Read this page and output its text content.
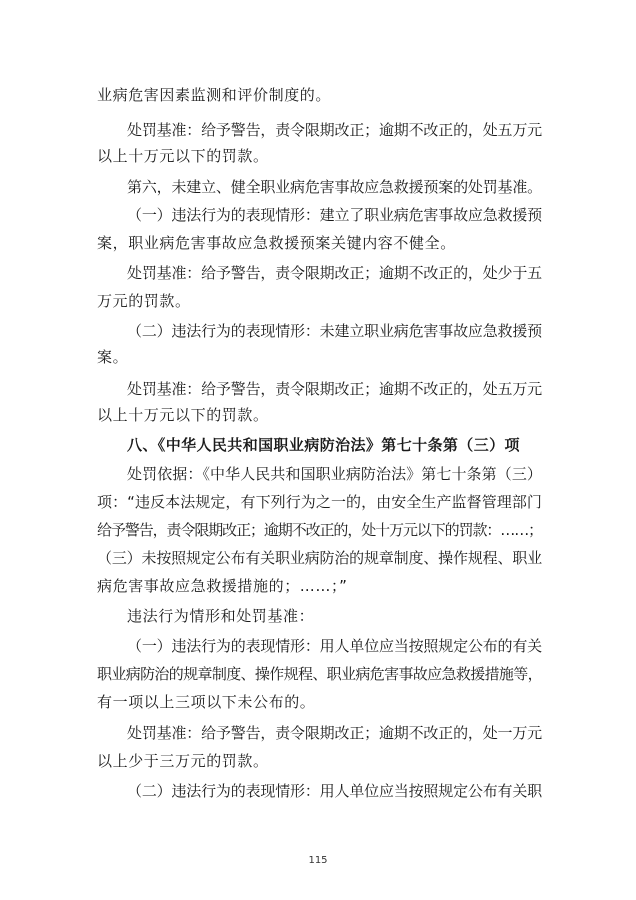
业病危害因素监测和评价制度的。
处罚基准：给予警告，责令限期改正；逾期不改正的，处五万元
以上十万元以下的罚款。
第六，未建立、健全职业病危害事故应急救援预案的处罚基准。
（一）违法行为的表现情形：建立了职业病危害事故应急救援预
案，职业病危害事故应急救援预案关键内容不健全。
处罚基准：给予警告，责令限期改正；逾期不改正的，处少于五
万元的罚款。
（二）违法行为的表现情形：未建立职业病危害事故应急救援预
案。
处罚基准：给予警告，责令限期改正；逾期不改正的，处五万元
以上十万元以下的罚款。
八、《中华人民共和国职业病防治法》第七十条第（三）项
处罚依据：《中华人民共和国职业病防治法》第七十条第（三）
项：“违反本法规定，有下列行为之一的，由安全生产监督管理部门
给予警告，责令限期改正；逾期不改正的，处十万元以下的罚款：……；
（三）未按照规定公布有关职业病防治的规章制度、操作规程、职业
病危害事故应急救援措施的；……；”
违法行为情形和处罚基准：
（一）违法行为的表现情形：用人单位应当按照规定公布的有关
职业病防治的规章制度、操作规程、职业病危害事故应急救援措施等，
有一项以上三项以下未公布的。
处罚基准：给予警告，责令限期改正；逾期不改正的，处一万元
以上少于三万元的罚款。
（二）违法行为的表现情形：用人单位应当按照规定公布有关职
115
